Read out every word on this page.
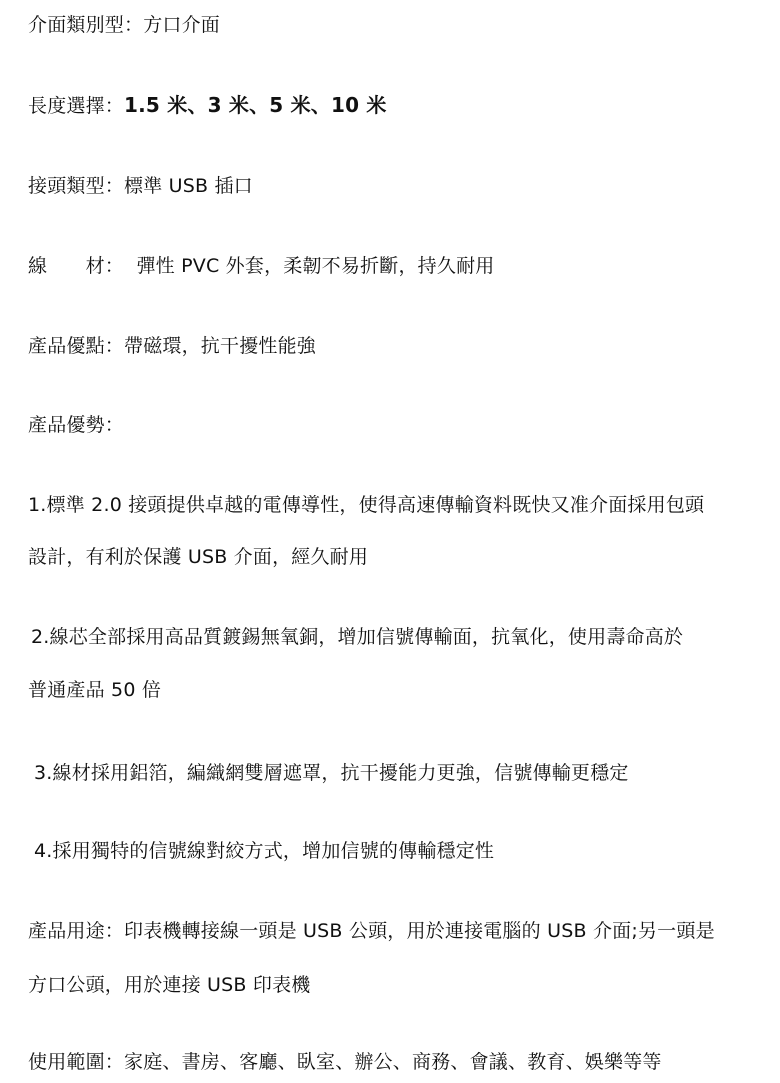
介面類別型：方口介面
長度選擇：1.5 米、3 米、5 米、10 米
接頭類型：標準 USB 插口
線　　材：  彈性 PVC 外套，柔韌不易折斷，持久耐用
產品優點：帶磁環，抗干擾性能強
產品優勢：
1.標準 2.0 接頭提供卓越的電傳導性，使得高速傳輸資料既快又准介面採用包頭
設計，有利於保護 USB 介面，經久耐用
2.線芯全部採用高品質鍍錫無氧銅，增加信號傳輸面，抗氧化，使用壽命高於
普通產品 50 倍
3.線材採用鋁箔，編織網雙層遮罩，抗干擾能力更強，信號傳輸更穩定
4.採用獨特的信號線對絞方式，增加信號的傳輸穩定性
產品用途：印表機轉接線一頭是 USB 公頭，用於連接電腦的 USB 介面;另一頭是
方口公頭，用於連接 USB 印表機
使用範圍：家庭、書房、客廳、臥室、辦公、商務、會議、教育、娛樂等等
